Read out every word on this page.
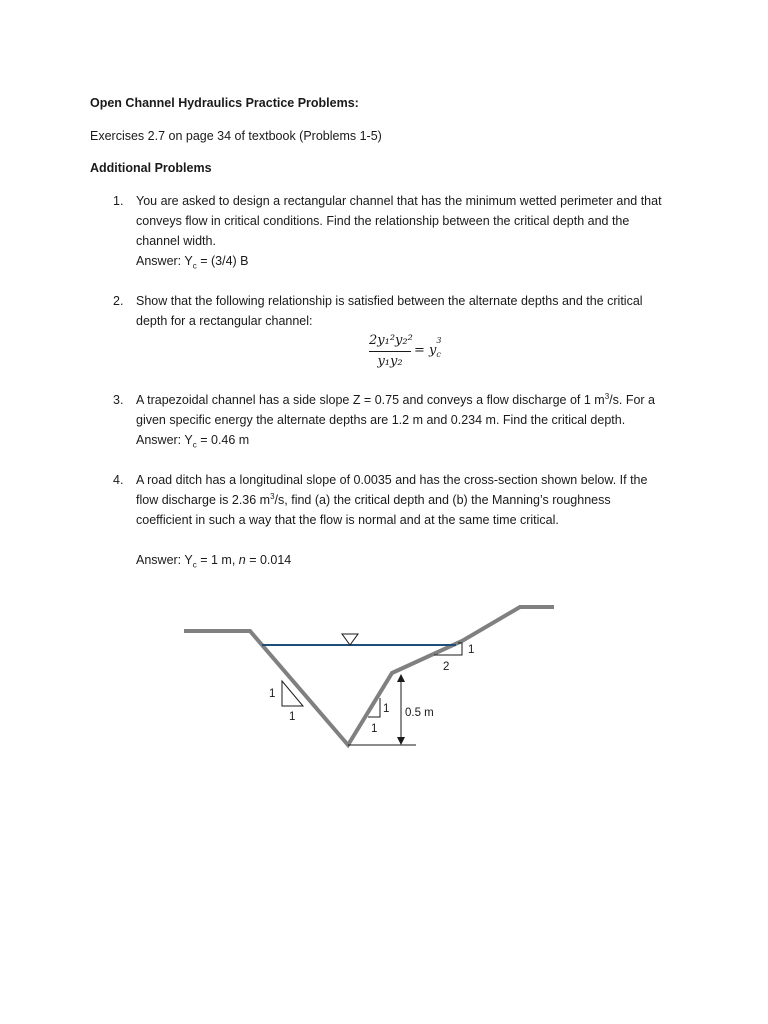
Open Channel Hydraulics Practice Problems:
Exercises 2.7 on page 34 of textbook (Problems 1-5)
Additional Problems
1. You are asked to design a rectangular channel that has the minimum wetted perimeter and that
conveys flow in critical conditions. Find the relationship between the critical depth and the
channel width.
Answer: $Y_c = (3/4)$ B
2. Show that the following relationship is satisfied between the alternate depths and the critical
depth for a rectangular channel:
2y₁²y₂²
y₁y₂
= y c
3
3. A trapezoidal channel has a side slope Z = 0.75 and conveys a flow discharge of 1 $m^3/s$. For a
given specific energy the alternate depths are 1.2 m and 0.234 m. Find the critical depth.
Answer: $Y_c = 0.46$ m
4. A road ditch has a longitudinal slope of 0.0035 and has the cross-section shown below. If the
flow discharge is 2.36 $m^3/s$, find (a) the critical depth and (b) the Manning’s roughness
coefficient in such a way that the flow is normal and at the same time critical.
Answer: $Y_c = 1$ m, n = 0.014
1
2
1
1
1
1
0.5 m
